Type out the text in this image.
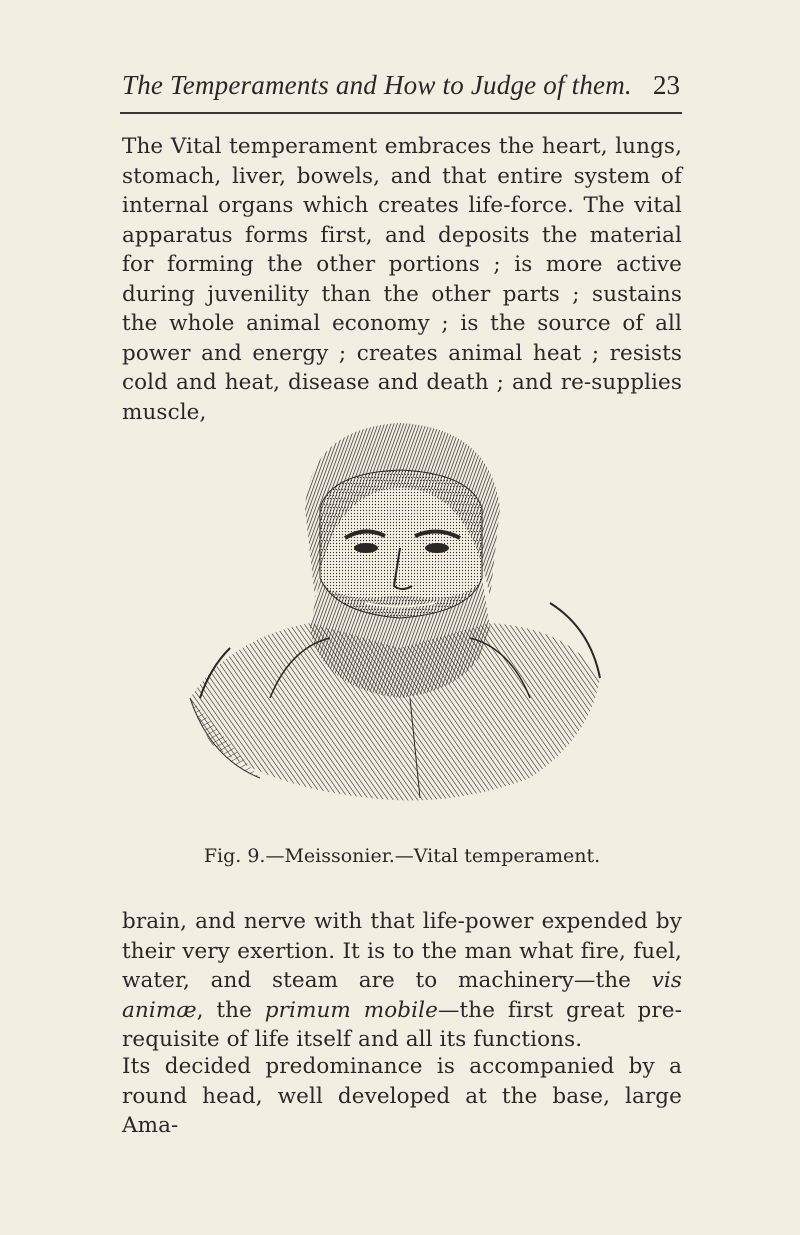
The Temperaments and How to Judge of them. 23

The Vital temperament embraces the heart, lungs, stomach, liver, bowels, and that entire system of internal organs which creates life-force. The vital apparatus forms first, and deposits the material for forming the other portions ; is more active during juvenility than the other parts ; sustains the whole animal economy ; is the source of all power and energy ; creates animal heat ; resists cold and heat, disease and death ; and re-supplies muscle,

Fig. 9.—Meissonier.—Vital temperament.

brain, and nerve with that life-power expended by their very exertion. It is to the man what fire, fuel, water, and steam are to machinery—the vis animæ, the primum mobile—the first great pre-requisite of life itself and all its functions.

Its decided predominance is accompanied by a round head, well developed at the base, large Ama-
